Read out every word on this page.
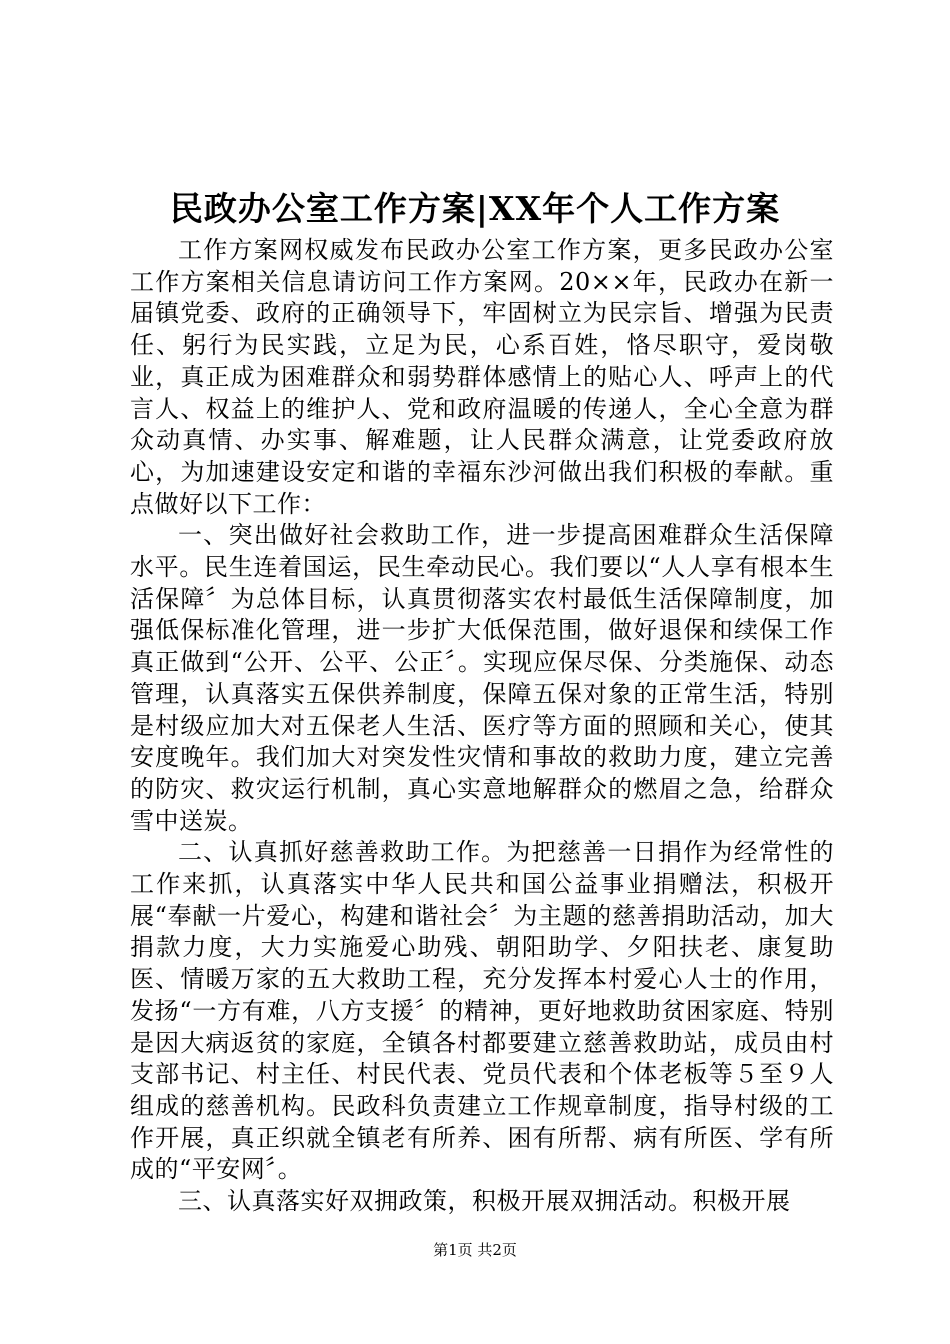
民政办公室工作方案|XX年个人工作方案

工作方案网权威发布民政办公室工作方案，更多民政办公室工作方案相关信息请访问工作方案网。20××年，民政办在新一届镇党委、政府的正确领导下，牢固树立为民宗旨、增强为民责任、躬行为民实践，立足为民，心系百姓，恪尽职守，爱岗敬业，真正成为困难群众和弱势群体感情上的贴心人、呼声上的代言人、权益上的维护人、党和政府温暖的传递人，全心全意为群众动真情、办实事、解难题，让人民群众满意，让党委政府放心，为加速建设安定和谐的幸福东沙河做出我们积极的奉献。重点做好以下工作：

一、突出做好社会救助工作，进一步提高困难群众生活保障水平。民生连着国运，民生牵动民心。我们要以“人人享有根本生活保障〞为总体目标，认真贯彻落实农村最低生活保障制度，加强低保标准化管理，进一步扩大低保范围，做好退保和续保工作真正做到“公开、公平、公正〞。实现应保尽保、分类施保、动态管理，认真落实五保供养制度，保障五保对象的正常生活，特别是村级应加大对五保老人生活、医疗等方面的照顾和关心，使其安度晚年。我们加大对突发性灾情和事故的救助力度，建立完善的防灾、救灾运行机制，真心实意地解群众的燃眉之急，给群众雪中送炭。

二、认真抓好慈善救助工作。为把慈善一日捐作为经常性的工作来抓，认真落实中华人民共和国公益事业捐赠法，积极开展“奉献一片爱心，构建和谐社会〞为主题的慈善捐助活动，加大捐款力度，大力实施爱心助残、朝阳助学、夕阳扶老、康复助医、情暖万家的五大救助工程，充分发挥本村爱心人士的作用，发扬“一方有难，八方支援〞的精神，更好地救助贫困家庭、特别是因大病返贫的家庭，全镇各村都要建立慈善救助站，成员由村支部书记、村主任、村民代表、党员代表和个体老板等５至９人组成的慈善机构。民政科负责建立工作规章制度，指导村级的工作开展，真正织就全镇老有所养、困有所帮、病有所医、学有所成的“平安网〞。

三、认真落实好双拥政策，积极开展双拥活动。积极开展

第1页 共2页
